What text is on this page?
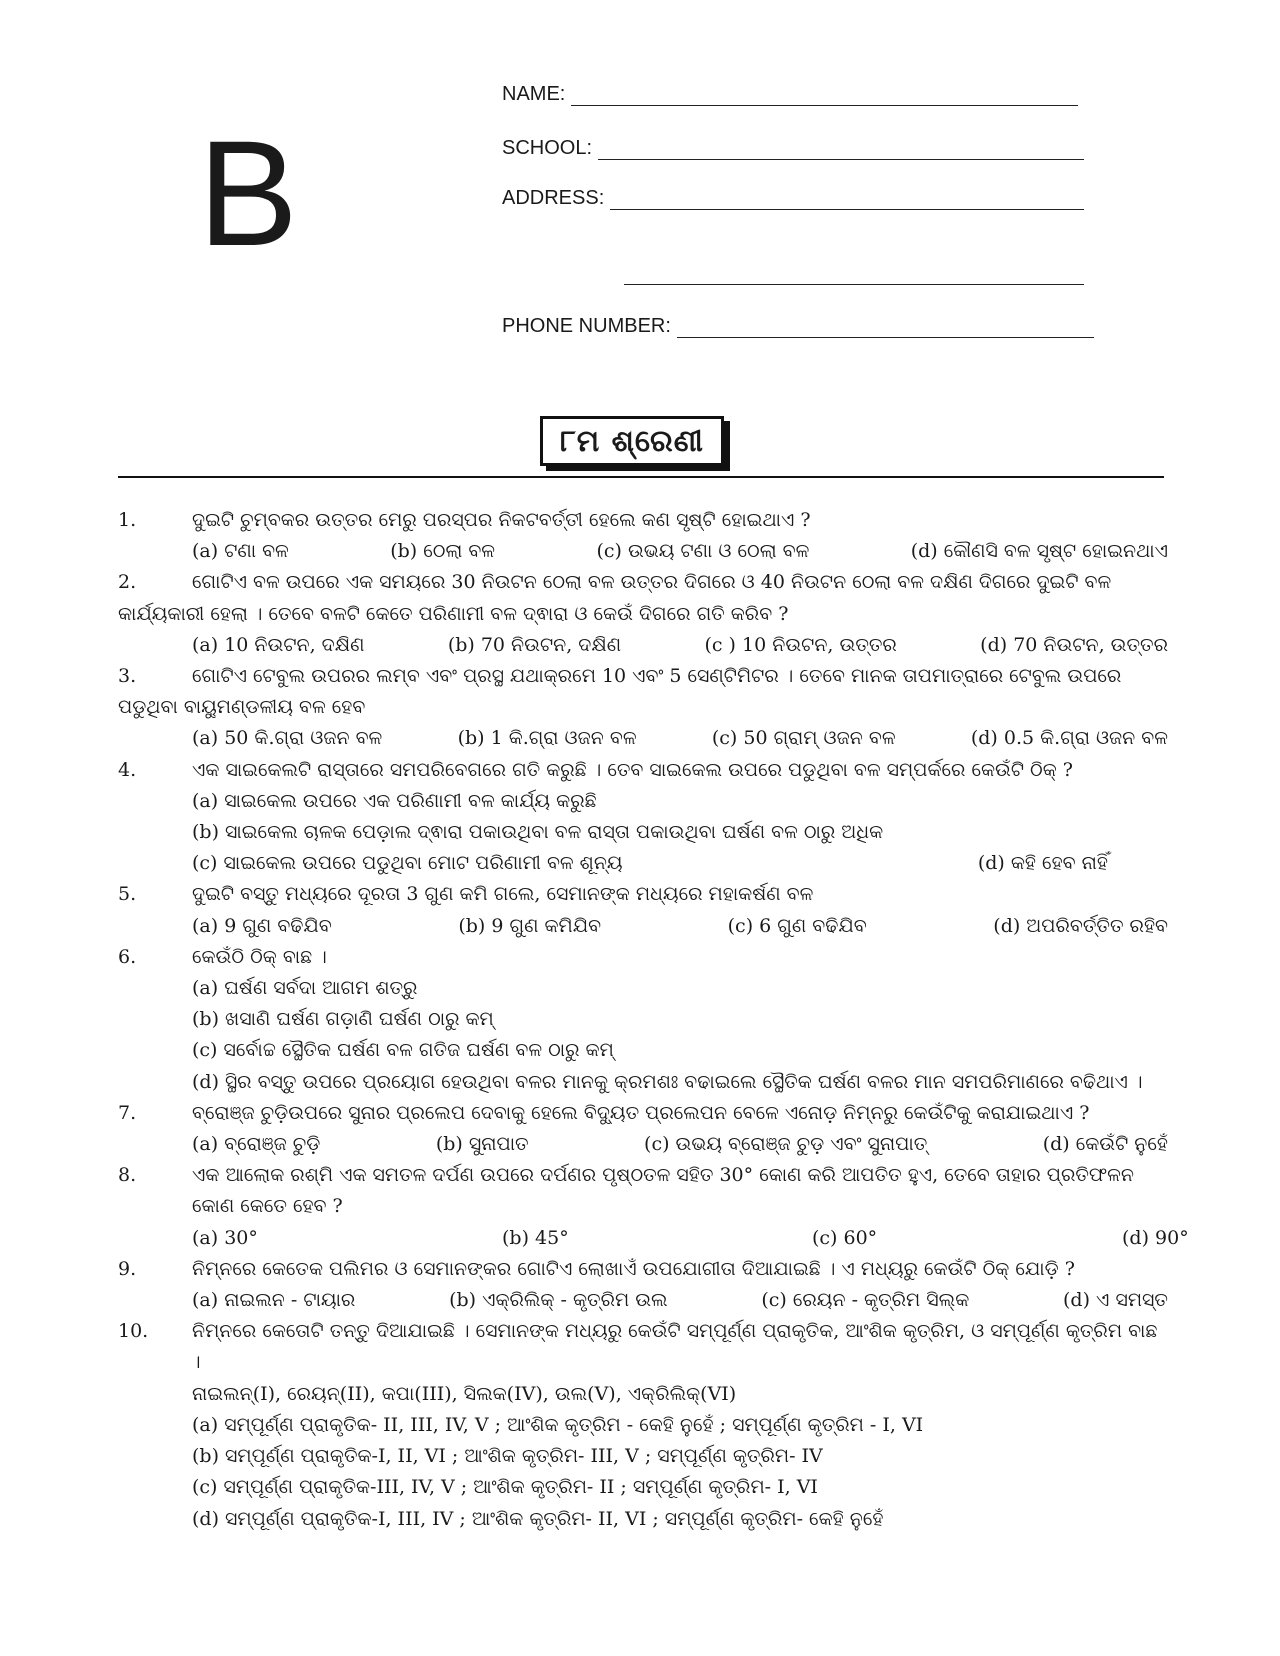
B
NAME:
SCHOOL:
ADDRESS:
PHONE NUMBER:
୮ମ ଶ୍ରେଣୀ
1.	ଦୁଇଟି ଚୁମ୍ବକର ଉତ୍ତର ମେରୁ ପରସ୍ପର ନିକଟବର୍ତ୍ତୀ ହେଲେ କଣ ସୃଷ୍ଟି ହୋଇଥାଏ ?
(a) ଟଣା ବଳ	(b) ଠେଲା ବଳ	(c) ଉଭୟ ଟଣା ଓ ଠେଲା ବଳ	(d) କୌଣସି ବଳ ସୃଷ୍ଟ ହୋଇନଥାଏ
2.	ଗୋଟିଏ ବଳ ଉପରେ ଏକ ସମୟରେ 30 ନିଉଟନ ଠେଲା ବଳ ଉତ୍ତର ଦିଗରେ ଓ 40 ନିଉଟନ ଠେଲା ବଳ ଦକ୍ଷିଣ ଦିଗରେ ଦୁଇଟି ବଳ କାର୍ଯ୍ୟକାରୀ ହେଲା । ତେବେ ବଳଟି କେତେ ପରିଣାମୀ ବଳ ଦ୍ଵାରା ଓ କେଉଁ ଦିଗରେ ଗତି କରିବ ?
(a) 10 ନିଉଟନ, ଦକ୍ଷିଣ	(b) 70 ନିଉଟନ, ଦକ୍ଷିଣ	(c ) 10 ନିଉଟନ, ଉତ୍ତର	(d) 70 ନିଉଟନ, ଉତ୍ତର
3.	ଗୋଟିଏ ଟେବୁଲ ଉପରର ଲମ୍ବ ଏବଂ ପ୍ରସ୍ଥ ଯଥାକ୍ରମେ 10 ଏବଂ 5 ସେଣ୍ଟିମିଟର । ତେବେ ମାନକ ତାପମାତ୍ରାରେ ଟେବୁଲ ଉପରେ ପଡୁଥିବା ବାୟୁମଣ୍ଡଳୀୟ ବଳ ହେବ
(a) 50 କି.ଗ୍ରା ଓଜନ ବଳ	(b) 1 କି.ଗ୍ରା ଓଜନ ବଳ	(c) 50 ଗ୍ରାମ୍ ଓଜନ ବଳ	(d) 0.5 କି.ଗ୍ରା ଓଜନ ବଳ
4.	ଏକ ସାଇକେଲଟି ରାସ୍ତାରେ ସମପରିବେଗରେ ଗତି କରୁଛି । ତେବ ସାଇକେଲ ଉପରେ ପଡୁଥିବା ବଳ ସମ୍ପର୍କରେ କେଉଁଟି ଠିକ୍ ?
(a) ସାଇକେଲ ଉପରେ ଏକ ପରିଣାମୀ ବଳ କାର୍ଯ୍ୟ କରୁଛି
(b) ସାଇକେଲ ଚାଳକ ପେଡ଼ାଲ ଦ୍ଵାରା ପକାଉଥିବା ବଳ ରାସ୍ତା ପକାଉଥିବା ଘର୍ଷଣ ବଳ ଠାରୁ ଅଧିକ
(c) ସାଇକେଲ ଉପରେ ପଡୁଥିବା ମୋଟ ପରିଣାମୀ ବଳ ଶୂନ୍ୟ	(d) କହି ହେବ ନାହିଁ
5.	ଦୁଇଟି ବସ୍ତୁ ମଧ୍ୟରେ ଦୂରତା 3 ଗୁଣ କମି ଗଲେ, ସେମାନଙ୍କ ମଧ୍ୟରେ ମହାକର୍ଷଣ ବଳ
(a) 9 ଗୁଣ ବଢିଯିବ	(b) 9 ଗୁଣ କମିଯିବ	(c) 6 ଗୁଣ ବଢିଯିବ	(d) ଅପରିବର୍ତ୍ତିତ ରହିବ
6.	କେଉଁଠି ଠିକ୍ ବାଛ ।
(a) ଘର୍ଷଣ ସର୍ବଦା ଆଗମ ଶତ୍ରୁ
(b) ଖସାଣି ଘର୍ଷଣ ଗଡ଼ାଣି ଘର୍ଷଣ ଠାରୁ କମ୍
(c) ସର୍ବୋଚ୍ଚ ସ୍ଥୈତିକ ଘର୍ଷଣ ବଳ ଗତିଜ ଘର୍ଷଣ ବଳ ଠାରୁ କମ୍
(d) ସ୍ଥିର ବସ୍ତୁ ଉପରେ ପ୍ରୟୋଗ ହେଉଥିବା ବଳର ମାନକୁ କ୍ରମଶଃ ବଢାଇଲେ ସ୍ଥୈତିକ ଘର୍ଷଣ ବଳର ମାନ ସମପରିମାଣରେ ବଢିଥାଏ ।
7.	ବ୍ରୋଞ୍ଜ ଚୁଡ଼ିଉପରେ ସୁନାର ପ୍ରଲେପ ଦେବାକୁ ହେଲେ ବିଦ୍ୟୁତ ପ୍ରଲେପନ ବେଳେ ଏନୋଡ଼ ନିମ୍ନରୁ କେଉଁଟିକୁ କରାଯାଇଥାଏ ?
(a) ବ୍ରୋଞ୍ଜ ଚୁଡ଼ି	(b) ସୁନାପାତ	(c) ଉଭୟ ବ୍ରୋଞ୍ଜ ଚୁଡ଼ ଏବଂ ସୁନାପାତ୍	(d) କେଉଁଟି ନୁହେଁ
8.	ଏକ ଆଲୋକ ରଶ୍ମି ଏକ ସମତଳ ଦର୍ପଣ ଉପରେ ଦର୍ପଣର ପୃଷ୍ଠତଳ ସହିତ 30° କୋଣ କରି ଆପତିତ ହୁଏ, ତେବେ ତାହାର ପ୍ରତିଫଳନ କୋଣ କେତେ ହେବ ?
(a) 30°	(b) 45°	(c) 60°	(d) 90°
9.	ନିମ୍ନରେ କେତେକ ପଲିମର ଓ ସେମାନଙ୍କର ଗୋଟିଏ ଲୋଖାଏଁ ଉପଯୋଗୀତା ଦିଆଯାଇଛି । ଏ ମଧ୍ୟରୁ କେଉଁଟି ଠିକ୍ ଯୋଡ଼ି ?
(a) ନାଇଲନ - ଟାୟାର	(b) ଏକ୍ରିଲିକ୍ - କୃତ୍ରିମ ଉଲ	(c) ରେୟନ - କୃତ୍ରିମ ସିଲ୍କ	(d) ଏ ସମସ୍ତ
10.	ନିମ୍ନରେ କେତୋଟି ତନ୍ତୁ ଦିଆଯାଇଛି । ସେମାନଙ୍କ ମଧ୍ୟରୁ କେଉଁଟି ସମ୍ପୂର୍ଣ୍ଣ ପ୍ରାକୃତିକ, ଆଂଶିକ କୃତ୍ରିମ, ଓ ସମ୍ପୂର୍ଣ୍ଣ କୃତ୍ରିମ ବାଛ ।
ନାଇଲନ୍(I), ରେୟନ୍(II), କପା(III), ସିଲକ(IV), ଉଲ(V), ଏକ୍ରିଲିକ୍(VI)
(a) ସମ୍ପୂର୍ଣ୍ଣ ପ୍ରାକୃତିକ- II, III, IV, V ; ଆଂଶିକ କୃତ୍ରିମ - କେହି ନୁହେଁ ; ସମ୍ପୂର୍ଣ୍ଣ କୃତ୍ରିମ - I, VI
(b) ସମ୍ପୂର୍ଣ୍ଣ ପ୍ରାକୃତିକ-I, II, VI ; ଆଂଶିକ କୃତ୍ରିମ- III, V ; ସମ୍ପୂର୍ଣ୍ଣ କୃତ୍ରିମ- IV
(c) ସମ୍ପୂର୍ଣ୍ଣ ପ୍ରାକୃତିକ-III, IV, V ; ଆଂଶିକ କୃତ୍ରିମ- II ; ସମ୍ପୂର୍ଣ୍ଣ କୃତ୍ରିମ- I, VI
(d) ସମ୍ପୂର୍ଣ୍ଣ ପ୍ରାକୃତିକ-I, III, IV ; ଆଂଶିକ କୃତ୍ରିମ- II, VI ; ସମ୍ପୂର୍ଣ୍ଣ କୃତ୍ରିମ- କେହି ନୁହେଁ
